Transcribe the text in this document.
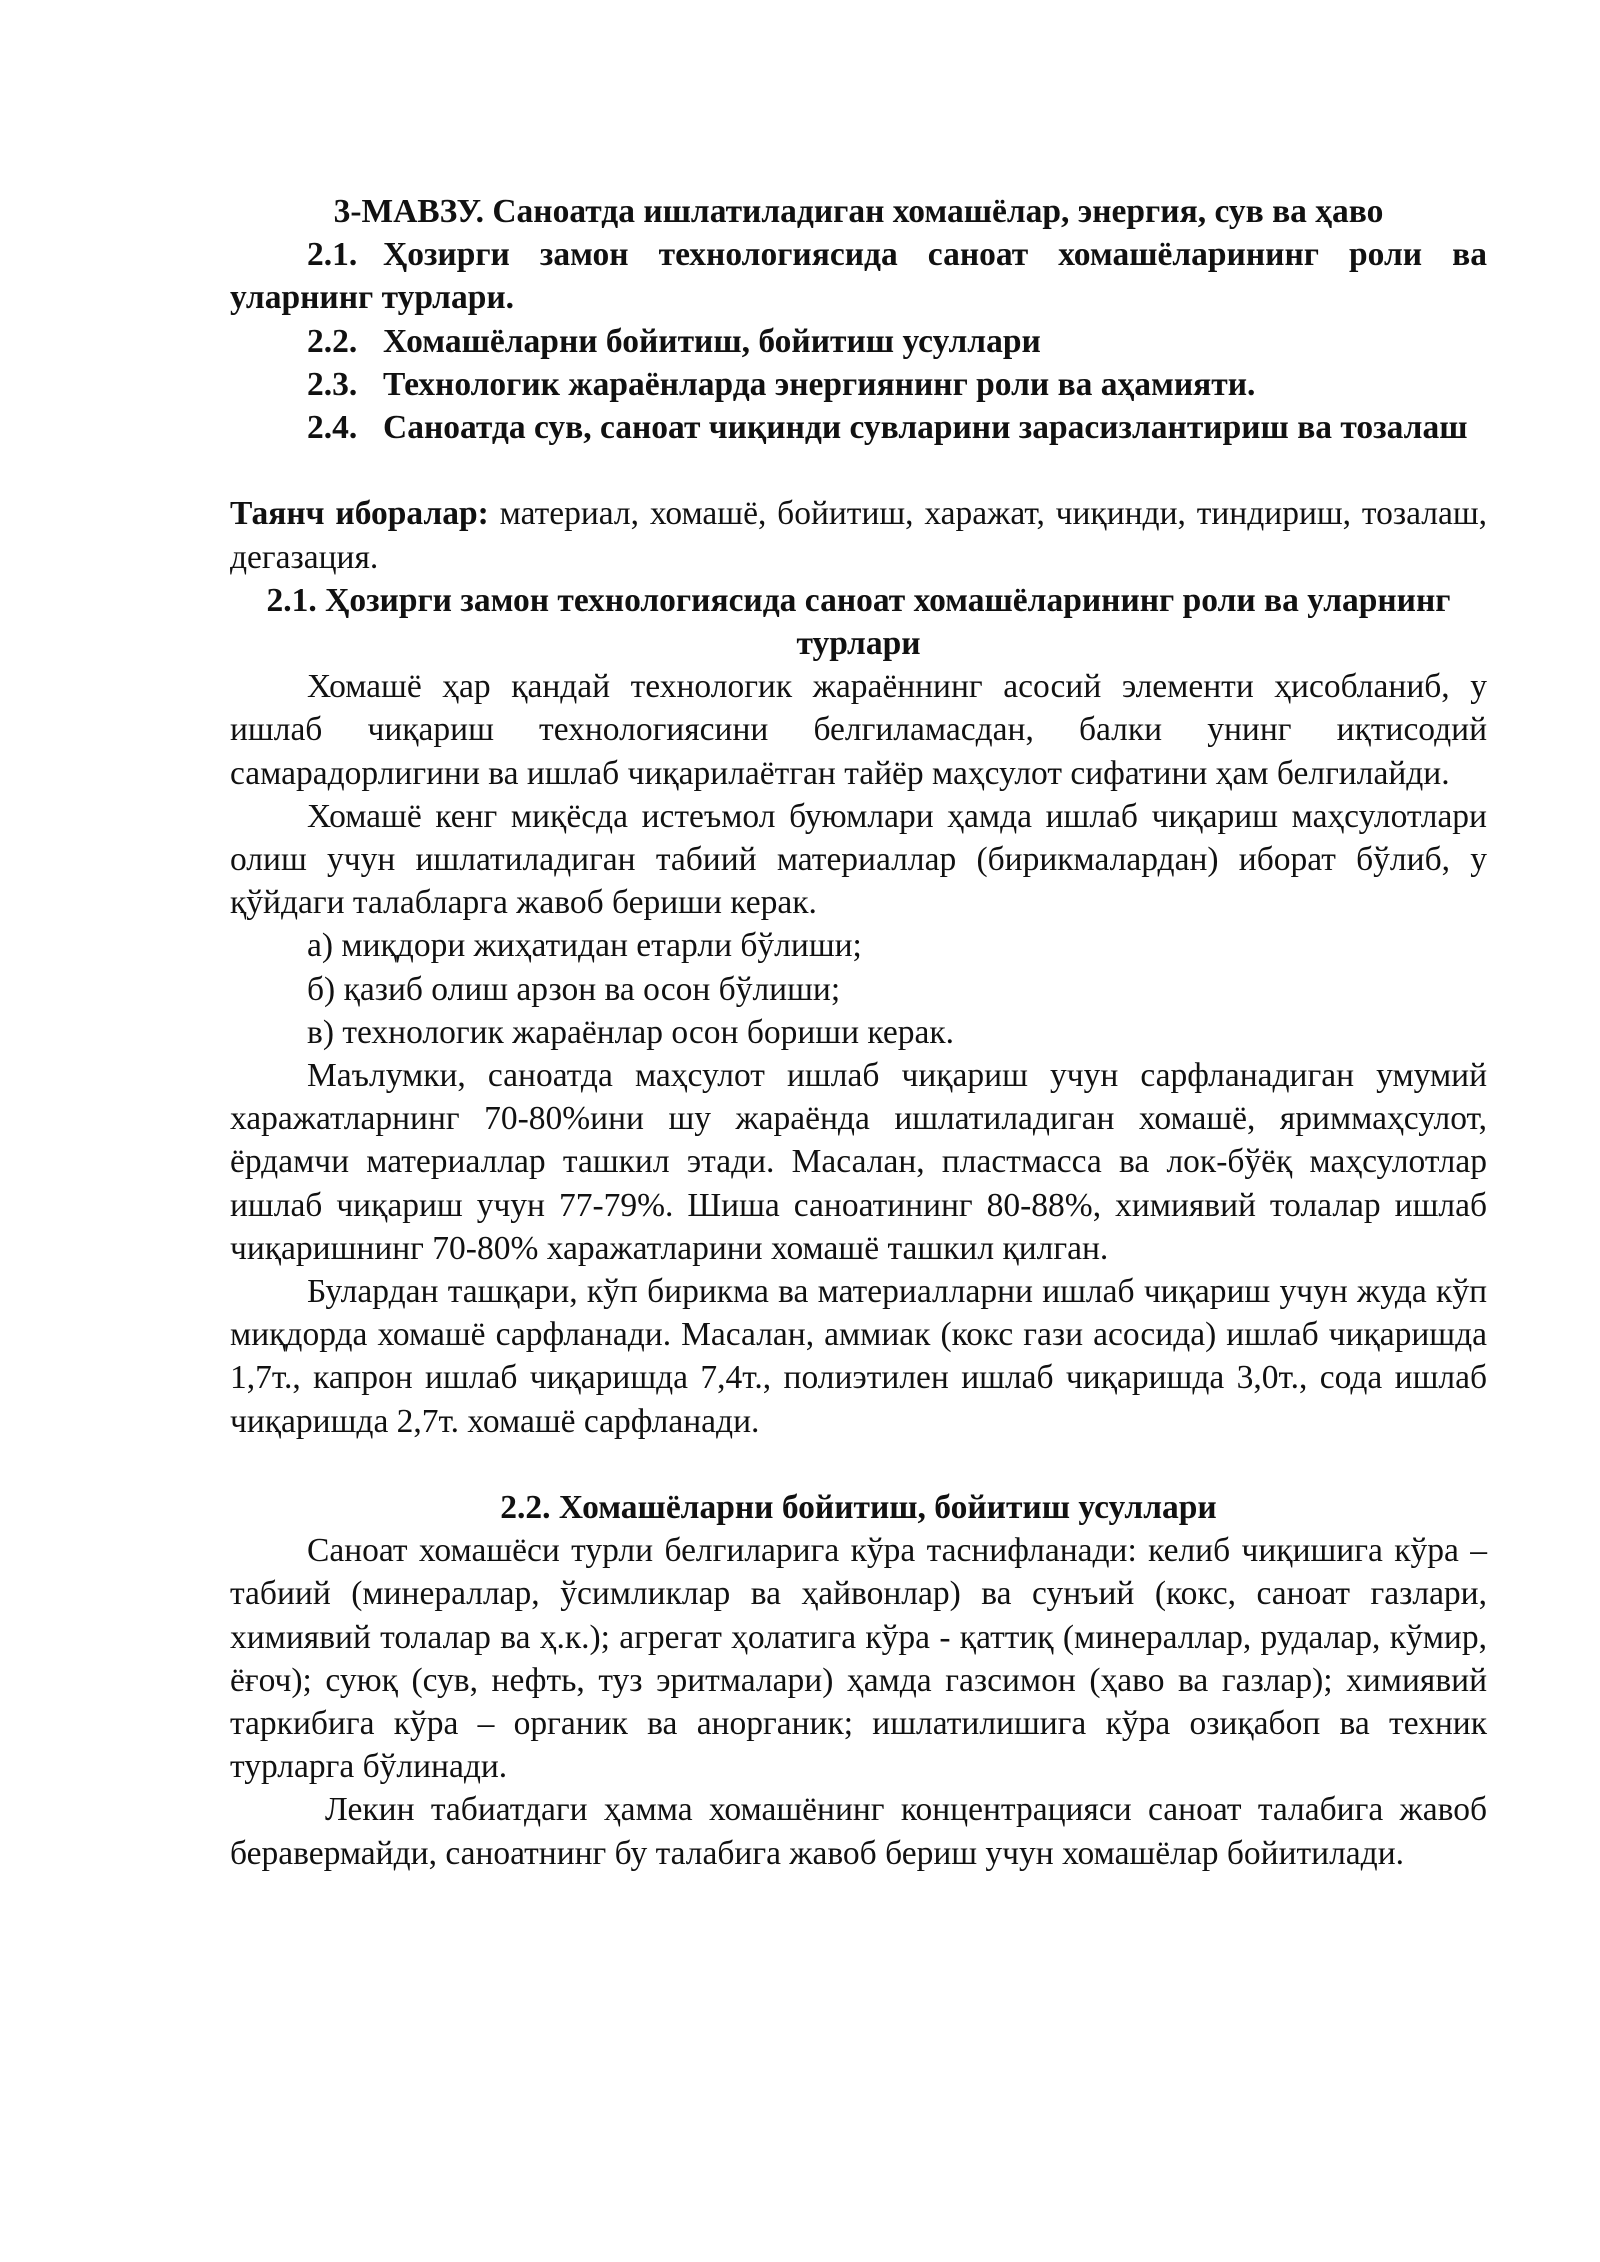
3-МАВЗУ. Саноатда ишлатиладиган хомашёлар, энергия, сув ва ҳаво

2.1. Ҳозирги замон технологиясида саноат хомашёларининг роли ва уларнинг турлари.

2.2. Хомашёларни бойитиш, бойитиш усуллари

2.3. Технологик жараёнларда энергиянинг роли ва аҳамияти.

2.4. Саноатда сув, саноат чиқинди сувларини зарасизлантириш ва тозалаш

Таянч иборалар: материал, хомашё, бойитиш, харажат, чиқинди, тиндириш, тозалаш, дегазация.

2.1. Ҳозирги замон технологиясида саноат хомашёларининг роли ва уларнинг турлари

Хомашё ҳар қандай технологик жараённинг асосий элементи ҳисобланиб, у ишлаб чиқариш технологиясини белгиламасдан, балки унинг иқтисодий самарадорлигини ва ишлаб чиқарилаётган тайёр маҳсулот сифатини ҳам белгилайди.

Хомашё кенг миқёсда истеъмол буюмлари ҳамда ишлаб чиқариш маҳсулотлари олиш учун ишлатиладиган табиий материаллар (бирикмалардан) иборат бўлиб, у қўйдаги талабларга жавоб бериши керак.

а) миқдори жиҳатидан етарли бўлиши;

б) қазиб олиш арзон ва осон бўлиши;

в) технологик жараёнлар осон бориши керак.

Маълумки, саноатда маҳсулот ишлаб чиқариш учун сарфланадиган умумий харажатларнинг 70-80%ини шу жараёнда ишлатиладиган хомашё, яриммаҳсулот, ёрдамчи материаллар ташкил этади. Масалан, пластмасса ва лок-бўёқ маҳсулотлар ишлаб чиқариш учун 77-79%. Шиша саноатининг 80-88%, химиявий толалар ишлаб чиқаришнинг 70-80% харажатларини хомашё ташкил қилган.

Булардан ташқари, кўп бирикма ва материалларни ишлаб чиқариш учун жуда кўп миқдорда хомашё сарфланади. Масалан, аммиак (кокс гази асосида) ишлаб чиқаришда 1,7т., капрон ишлаб чиқаришда 7,4т., полиэтилен ишлаб чиқаришда 3,0т., сода ишлаб чиқаришда 2,7т. хомашё сарфланади.

2.2. Хомашёларни бойитиш, бойитиш усуллари

Саноат хомашёси турли белгиларига кўра таснифланади: келиб чиқишига кўра – табиий (минераллар, ўсимликлар ва ҳайвонлар) ва сунъий (кокс, саноат газлари, химиявий толалар ва ҳ.к.); агрегат ҳолатига кўра - қаттиқ (минераллар, рудалар, кўмир, ёғоч); суюқ (сув, нефть, туз эритмалари) ҳамда газсимон (ҳаво ва газлар); химиявий таркибига кўра – органик ва анорганик; ишлатилишига кўра озиқабоп ва техник турларга бўлинади.

Лекин табиатдаги ҳамма хомашёнинг концентрацияси саноат талабига жавоб беравермайди, саноатнинг бу талабига жавоб бериш учун хомашёлар бойитилади.
